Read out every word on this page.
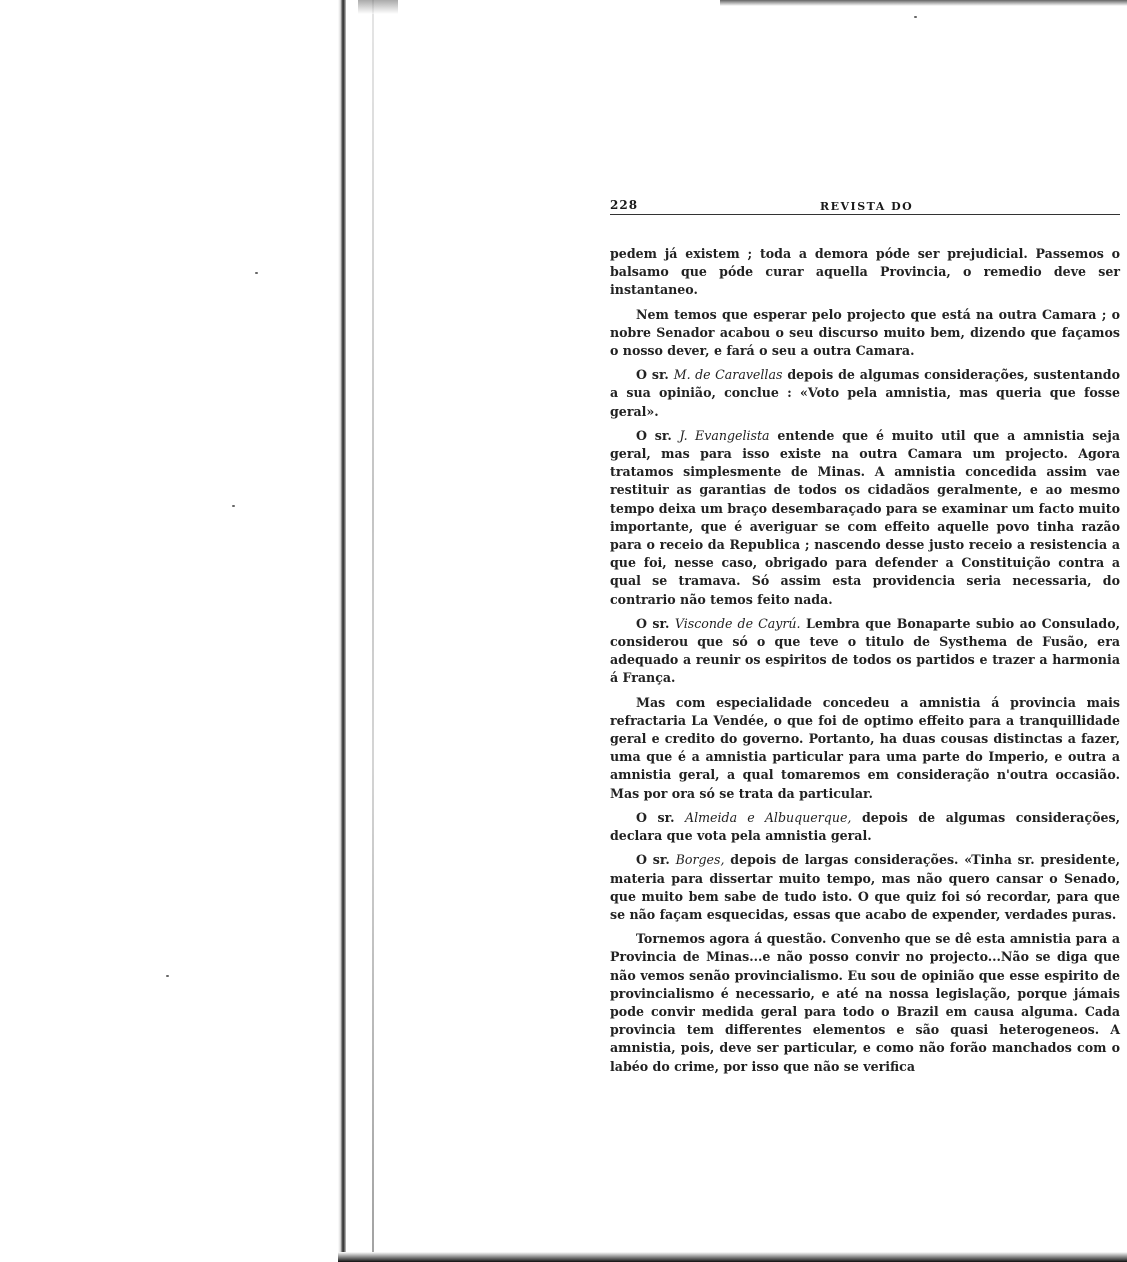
228	REVISTA DO

pedem já existem ; toda a demora póde ser prejudicial. Passemos o balsamo que póde curar aquella Provincia, o remedio deve ser instantaneo.

Nem temos que esperar pelo projecto que está na outra Camara ; o nobre Senador acabou o seu discurso muito bem, dizendo que façamos o nosso dever, e fará o seu a outra Camara.

O sr. M. de Caravellas depois de algumas considerações, sustentando a sua opinião, conclue : «Voto pela amnistia, mas queria que fosse geral».

O sr. J. Evangelista entende que é muito util que a amnistia seja geral, mas para isso existe na outra Camara um projecto. Agora tratamos simplesmente de Minas. A amnistia concedida assim vae restituir as garantias de todos os cidadãos geralmente, e ao mesmo tempo deixa um braço desembaraçado para se examinar um facto muito importante, que é averiguar se com effeito aquelle povo tinha razão para o receio da Republica ; nascendo desse justo receio a resistencia a que foi, nesse caso, obrigado para defender a Constituição contra a qual se tramava. Só assim esta providencia seria necessaria, do contrario não temos feito nada.

O sr. Visconde de Cayrú. Lembra que Bonaparte subio ao Consulado, considerou que só o que teve o titulo de Systhema de Fusão, era adequado a reunir os espiritos de todos os partidos e trazer a harmonia á França.

Mas com especialidade concedeu a amnistia á provincia mais refractaria La Vendée, o que foi de optimo effeito para a tranquillidade geral e credito do governo. Portanto, ha duas cousas distinctas a fazer, uma que é a amnistia particular para uma parte do Imperio, e outra a amnistia geral, a qual tomaremos em consideração n'outra occasião. Mas por ora só se trata da particular.

O sr. Almeida e Albuquerque, depois de algumas considerações, declara que vota pela amnistia geral.

O sr. Borges, depois de largas considerações. «Tinha sr. presidente, materia para dissertar muito tempo, mas não quero cansar o Senado, que muito bem sabe de tudo isto. O que quiz foi só recordar, para que se não façam esquecidas, essas que acabo de expender, verdades puras.

Tornemos agora á questão. Convenho que se dê esta amnistia para a Provincia de Minas...e não posso convir no projecto...Não se diga que não vemos senão provincialismo. Eu sou de opinião que esse espirito de provincialismo é necessario, e até na nossa legislação, porque jámais pode convir medida geral para todo o Brazil em causa alguma. Cada provincia tem differentes elementos e são quasi heterogeneos. A amnistia, pois, deve ser particular, e como não forão manchados com o labéo do crime, por isso que não se verifica
